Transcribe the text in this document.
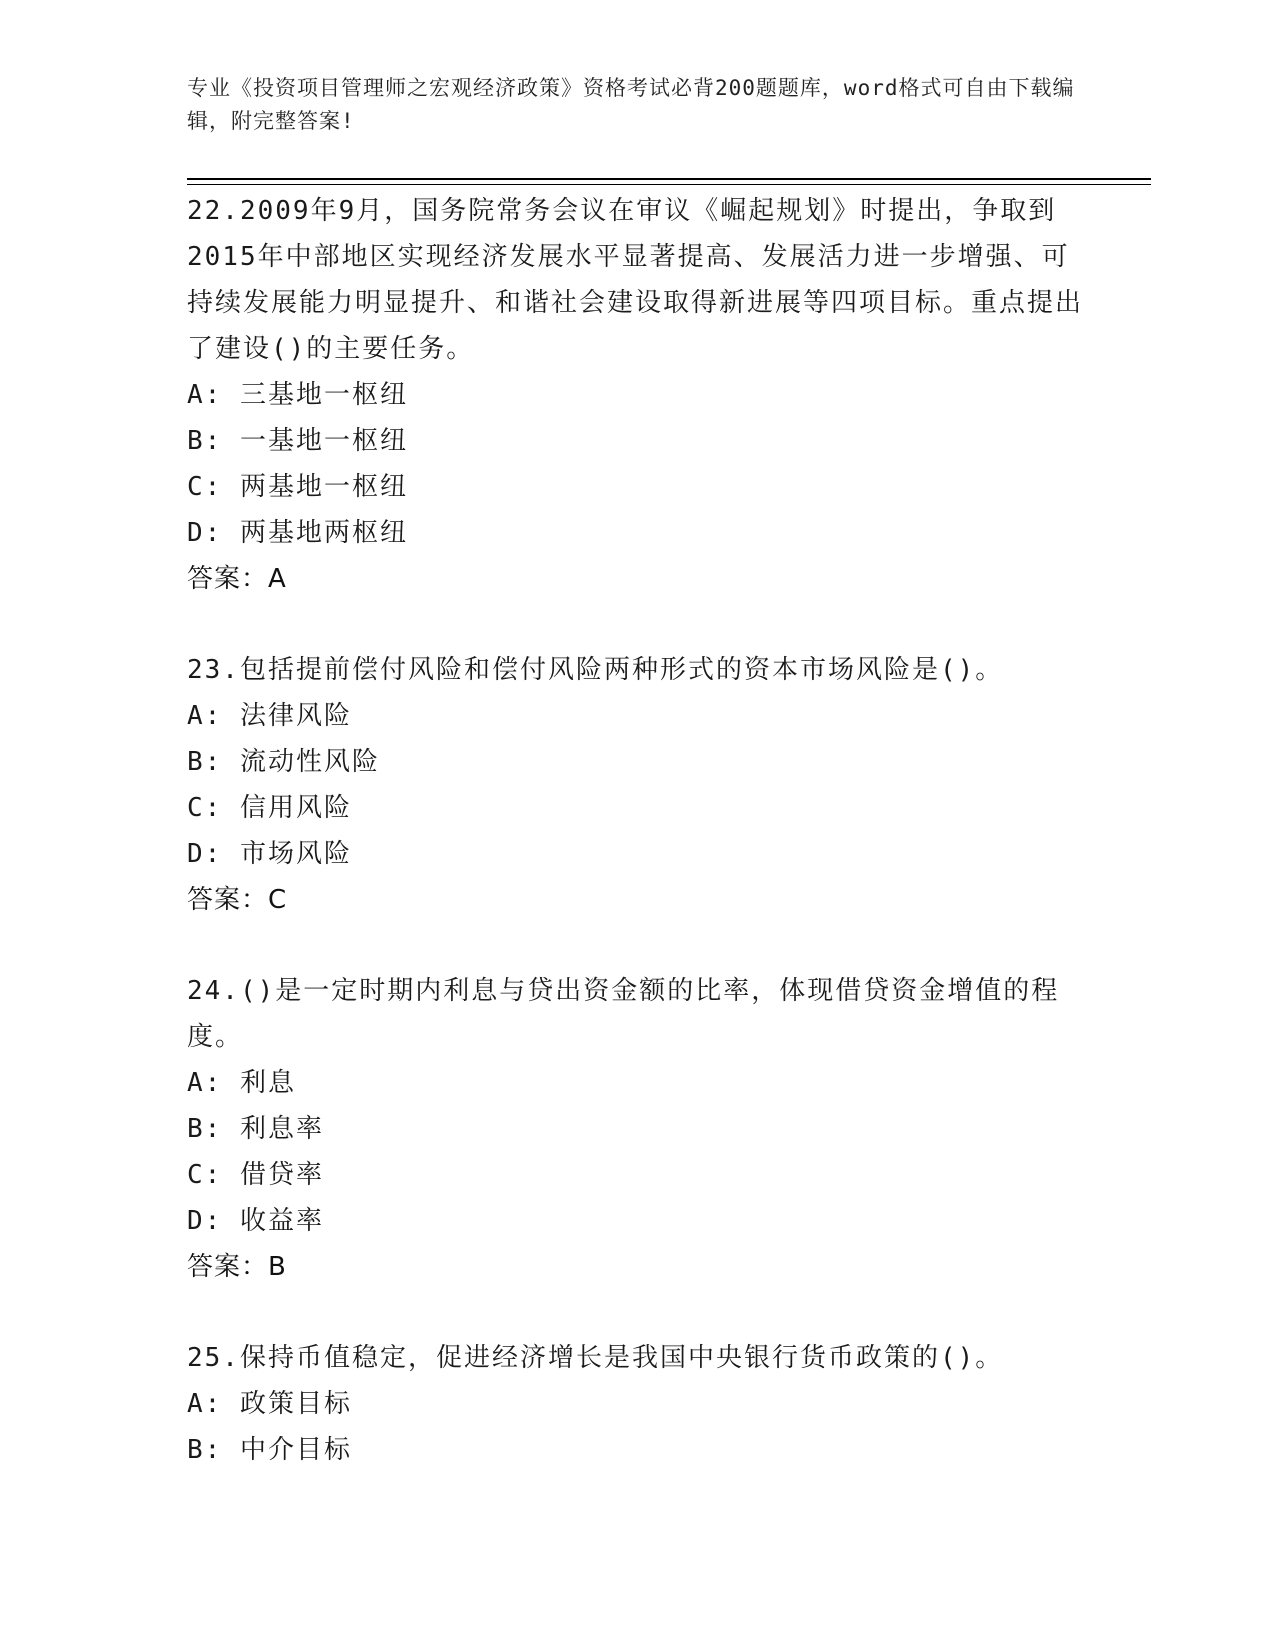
专业《投资项目管理师之宏观经济政策》资格考试必背200题题库，word格式可自由下载编辑，附完整答案!
22.2009年9月，国务院常务会议在审议《崛起规划》时提出，争取到2015年中部地区实现经济发展水平显著提高、发展活力进一步增强、可持续发展能力明显提升、和谐社会建设取得新进展等四项目标。重点提出了建设()的主要任务。
A: 三基地一枢纽
B: 一基地一枢纽
C: 两基地一枢纽
D: 两基地两枢纽
答案：A
23.包括提前偿付风险和偿付风险两种形式的资本市场风险是()。
A: 法律风险
B: 流动性风险
C: 信用风险
D: 市场风险
答案：C
24.()是一定时期内利息与贷出资金额的比率，体现借贷资金增值的程度。
A: 利息
B: 利息率
C: 借贷率
D: 收益率
答案：B
25.保持币值稳定，促进经济增长是我国中央银行货币政策的()。
A: 政策目标
B: 中介目标
